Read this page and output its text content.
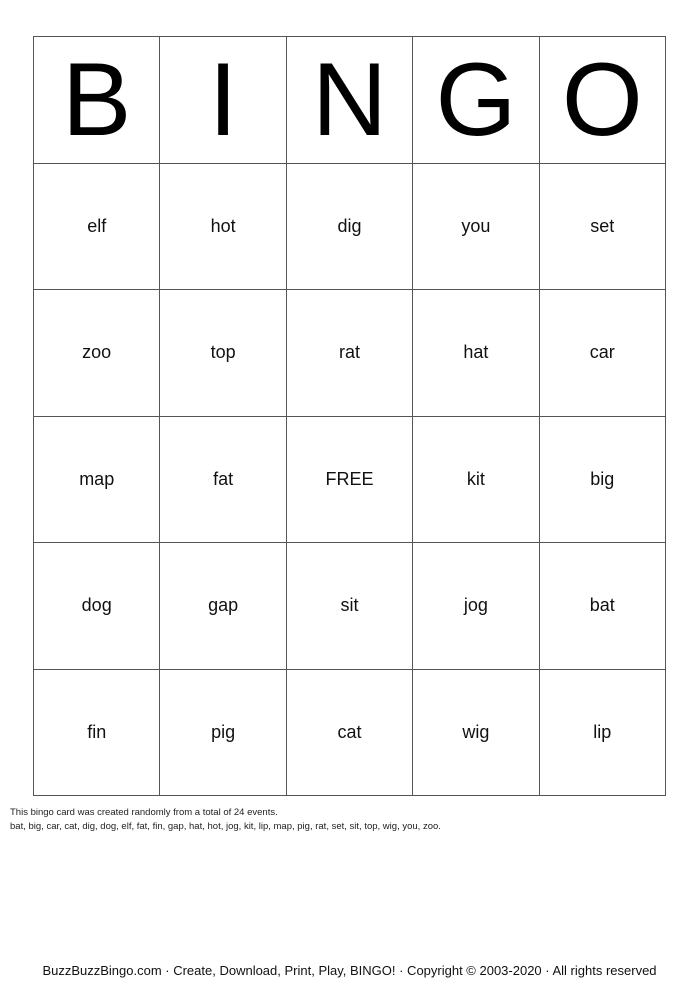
B I N G O
elf	hot	dig	you	set
zoo	top	rat	hat	car
map	fat	FREE	kit	big
dog	gap	sit	jog	bat
fin	pig	cat	wig	lip
This bingo card was created randomly from a total of 24 events.
bat, big, car, cat, dig, dog, elf, fat, fin, gap, hat, hot, jog, kit, lip, map, pig, rat, set, sit, top, wig, you, zoo.
BuzzBuzzBingo.com · Create, Download, Print, Play, BINGO! · Copyright © 2003-2020 · All rights reserved
